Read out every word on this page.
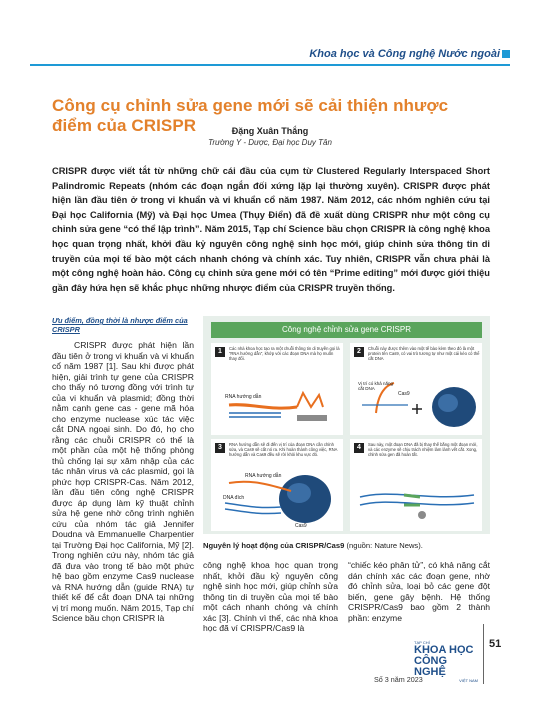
Khoa học và Công nghệ Nước ngoài
Công cụ chỉnh sửa gene mới sẽ cải thiện nhược điểm của CRISPR	Đặng Xuân Thắng
Trường Y - Dược, Đại học Duy Tân
CRISPR được viết tắt từ những chữ cái đầu của cụm từ Clustered Regularly Interspaced Short Palindromic Repeats (nhóm các đoạn ngắn đối xứng lặp lại thường xuyên). CRISPR được phát hiện lần đầu tiên ở trong vi khuẩn và vi khuẩn cổ năm 1987. Năm 2012, các nhóm nghiên cứu tại Đại học California (Mỹ) và Đại học Umea (Thụy Điển) đã đề xuất dùng CRISPR như một công cụ chỉnh sửa gene “có thể lập trình”. Năm 2015, Tạp chí Science bầu chọn CRISPR là công nghệ khoa học quan trọng nhất, khởi đầu kỷ nguyên công nghệ sinh học mới, giúp chỉnh sửa thông tin di truyền của mọi tế bào một cách nhanh chóng và chính xác. Tuy nhiên, CRISPR vẫn chưa phải là một công nghệ hoàn hảo. Công cụ chỉnh sửa gene mới có tên “Prime editing” mới được giới thiệu gần đây hứa hẹn sẽ khắc phục những nhược điểm của CRISPR truyền thống.
Ưu điểm, đồng thời là nhược điểm của CRISPR
CRISPR được phát hiện lần đầu tiên ở trong vi khuẩn và vi khuẩn cổ năm 1987 [1]. Sau khi được phát hiện, giải trình tự gene của CRISPR cho thấy nó tương đồng với trình tự của vi khuẩn và plasmid; đồng thời nằm cạnh gene cas - gene mã hóa cho enzyme nuclease xúc tác việc cắt DNA ngoại sinh. Do đó, họ cho rằng các chuỗi CRISPR có thể là một phần của một hệ thống phòng thủ chống lại sự xâm nhập của các tác nhân virus và các plasmid, gọi là phức hợp CRISPR-Cas. Năm 2012, lần đầu tiên công nghệ CRISPR được áp dụng làm kỹ thuật chỉnh sửa hệ gene nhờ công trình nghiên cứu của nhóm tác giả Jennifer Doudna và Emmanuelle Charpentier tại Trường Đại học California, Mỹ [2]. Trong nghiên cứu này, nhóm tác giả đã đưa vào trong tế bào một phức hệ bao gồm enzyme Cas9 nuclease và RNA hướng dẫn (guide RNA) tự thiết kế để cắt đoạn DNA tại những vị trí mong muốn. Năm 2015, Tạp chí Science bầu chọn CRISPR là
Công nghệ chỉnh sửa gene CRISPR
1	Các nhà khoa học tạo ra một chuỗi thông tin di truyền gọi là “RNA hướng dẫn”, khớp với các đoạn DNA mà họ muốn thay đổi.
RNA hướng dẫn
2	Chuỗi này được thêm vào một tế bào kèm theo đó là một protein tên Cas9, có vai trò tương tự như một cái kéo có thể cắt DNA
Vị trí có khả năng cắt DNA
Cas9
3	RNA hướng dẫn sẽ đi đến vị trí của đoạn DNA cần chỉnh sửa, và Cas9 sẽ cắt nó ra. Khi hoàn thành công việc, RNA hướng dẫn và Cas9 đều sẽ rời khỏi khu vực đó.
RNA hướng dẫn
DNA đích
Cas9
4	Sau này, một đoạn DNA đã bị thay thế bằng một đoạn mới, và các enzyme sẽ chịu trách nhiệm làm lành vết cắt. Xong, chỉnh sửa gen đã hoàn tất.
Nguyên lý hoạt động của CRISPR/Cas9 (nguồn: Nature News).
công nghệ khoa học quan trọng nhất, khởi đầu kỷ nguyên công nghệ sinh học mới, giúp chỉnh sửa thông tin di truyền của mọi tế bào một cách nhanh chóng và chính xác [3]. Chính vì thế, các nhà khoa học đã ví CRISPR/Cas9 là
“chiếc kéo phân tử”, có khả năng cắt dán chính xác các đoạn gene, nhờ đó chỉnh sửa, loại bỏ các gene đột biến, gene gây bệnh. Hệ thống CRISPR/Cas9 bao gồm 2 thành phần: enzyme
Số 3 năm 2023
TẠP CHÍ
KHOA HỌC
CÔNG NGHỆ
VIỆT NAM
51
